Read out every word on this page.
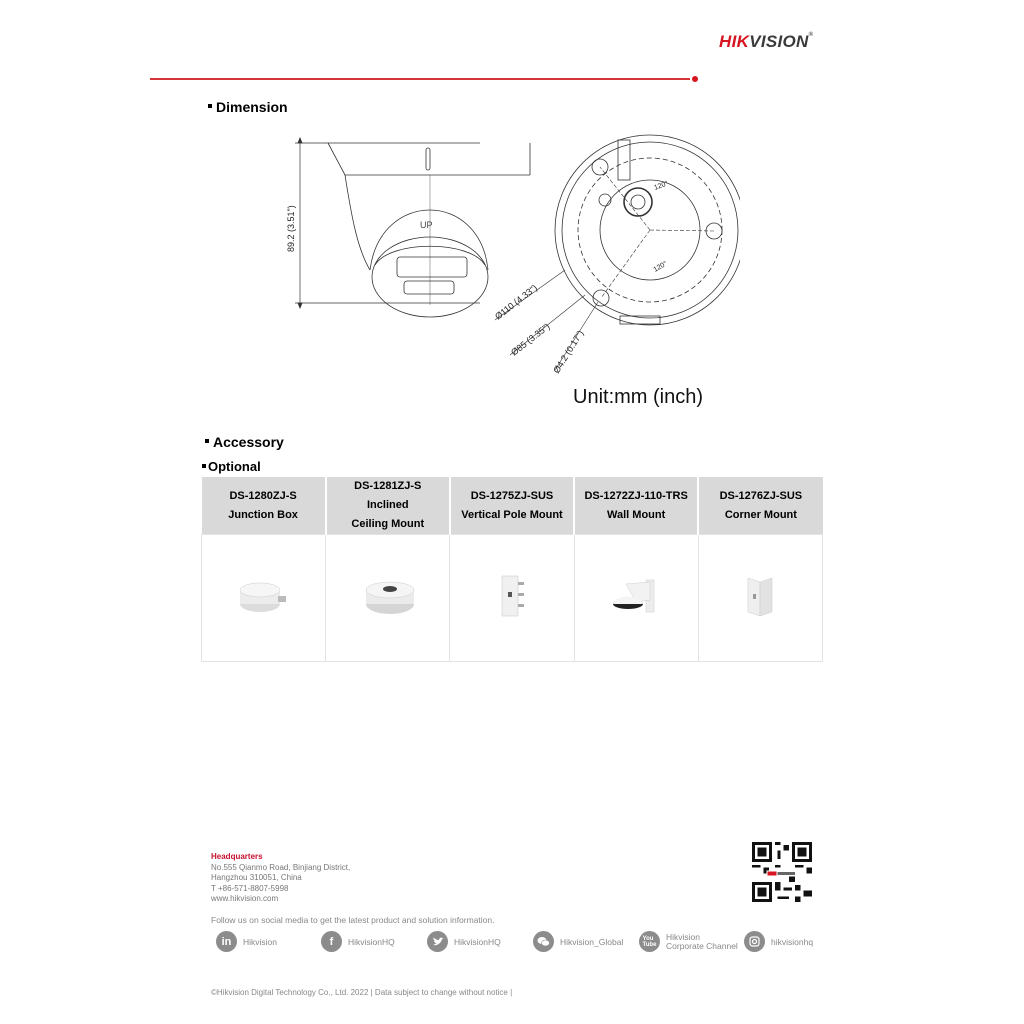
HIKVISION®
Dimension
89.2 (3.51")	UP
120°
120°
Ø110 (4.33")
Ø85 (3.35") Ø4.2 (0.17")
Unit:mm (inch)
Accessory
Optional
DS-1280ZJ-S
Junction Box

DS-1281ZJ-S
Inclined Ceiling Mount

DS-1275ZJ-SUS
Vertical Pole Mount

DS-1272ZJ-110-TRS
Wall Mount

DS-1276ZJ-SUS
Corner Mount

Headquarters
No.555 Qianmo Road, Binjiang District,
Hangzhou 310051, China
T +86-571-8807-5998
www.hikvision.com
Follow us on social media to get the latest product and solution information.
in	Hikvision	f	HikvisionHQ	HikvisionHQ	Hikvision_Global	You
Tube
Hikvision
Corporate Channel	hikvisionhq
©Hikvision Digital Technology Co., Ltd. 2022 | Data subject to change without notice |
